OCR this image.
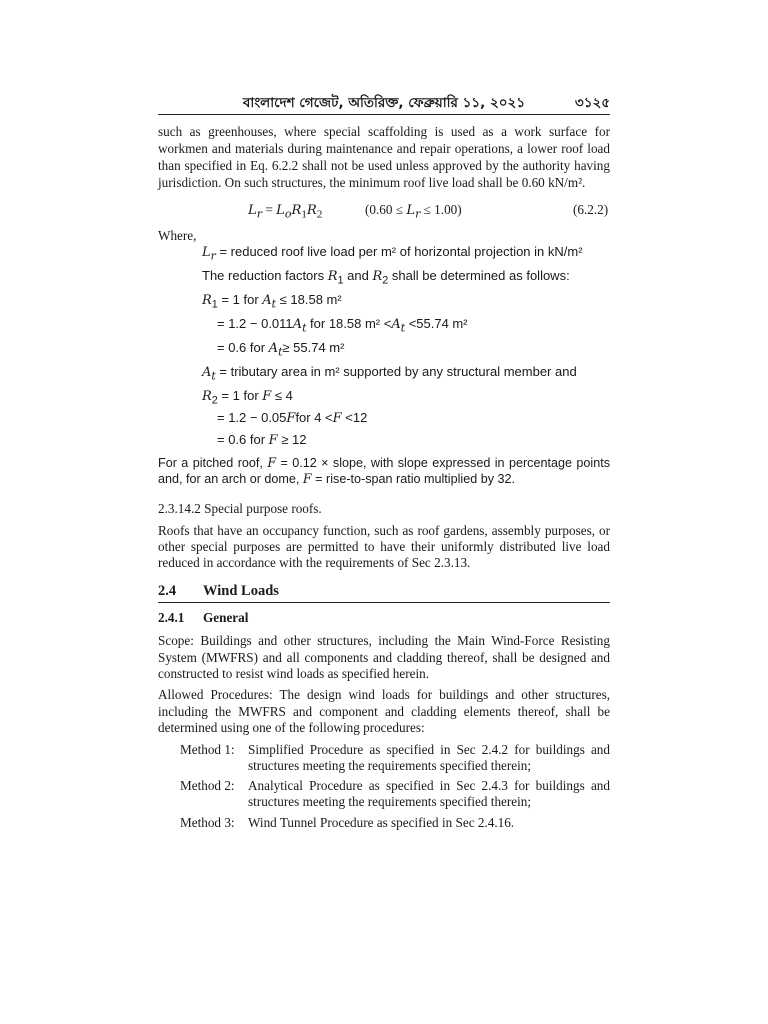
বাংলাদেশ গেজেট, অতিরিক্ত, ফেব্রুয়ারি ১১, ২০২১	৩১২৫
such as greenhouses, where special scaffolding is used as a work surface for workmen and materials during maintenance and repair operations, a lower roof load than specified in Eq. 6.2.2 shall not be used unless approved by the authority having jurisdiction. On such structures, the minimum roof live load shall be 0.60 kN/m².
$L_r = L_oR_1R_2$	$(0.60 \le L_r \le 1.00)$	(6.2.2)
Where,
$L_r$ = reduced roof live load per m² of horizontal projection in kN/m²
The reduction factors $R_1$ and $R_2$ shall be determined as follows:
$R_1 = 1$ for $A_t \le 18.58$ m²
= $1.2 - 0.011A_t$ for 18.58 $m^2 <A_t <55.74$ m²
= 0.6 for $A_t\ge 55.74$ m²
$A_t$ = tributary area in m² supported by any structural member and
$R_2 = 1$ for F ≤ 4
= 1.2 − 0.05Ffor 4 <F <12
= 0.6 for F ≥ 12
For a pitched roof, F = 0.12 × slope, with slope expressed in percentage points and, for an arch or dome, F = rise-to-span ratio multiplied by 32.
2.3.14.2 Special purpose roofs.
Roofs that have an occupancy function, such as roof gardens, assembly purposes, or other special purposes are permitted to have their uniformly distributed live load reduced in accordance with the requirements of Sec 2.3.13.
2.4 Wind Loads
2.4.1 General
Scope: Buildings and other structures, including the Main Wind-Force Resisting System (MWFRS) and all components and cladding thereof, shall be designed and constructed to resist wind loads as specified herein.
Allowed Procedures: The design wind loads for buildings and other structures, including the MWFRS and component and cladding elements thereof, shall be determined using one of the following procedures:
Method 1: Simplified Procedure as specified in Sec 2.4.2 for buildings and structures meeting the requirements specified therein;
Method 2: Analytical Procedure as specified in Sec 2.4.3 for buildings and structures meeting the requirements specified therein;
Method 3: Wind Tunnel Procedure as specified in Sec 2.4.16.
